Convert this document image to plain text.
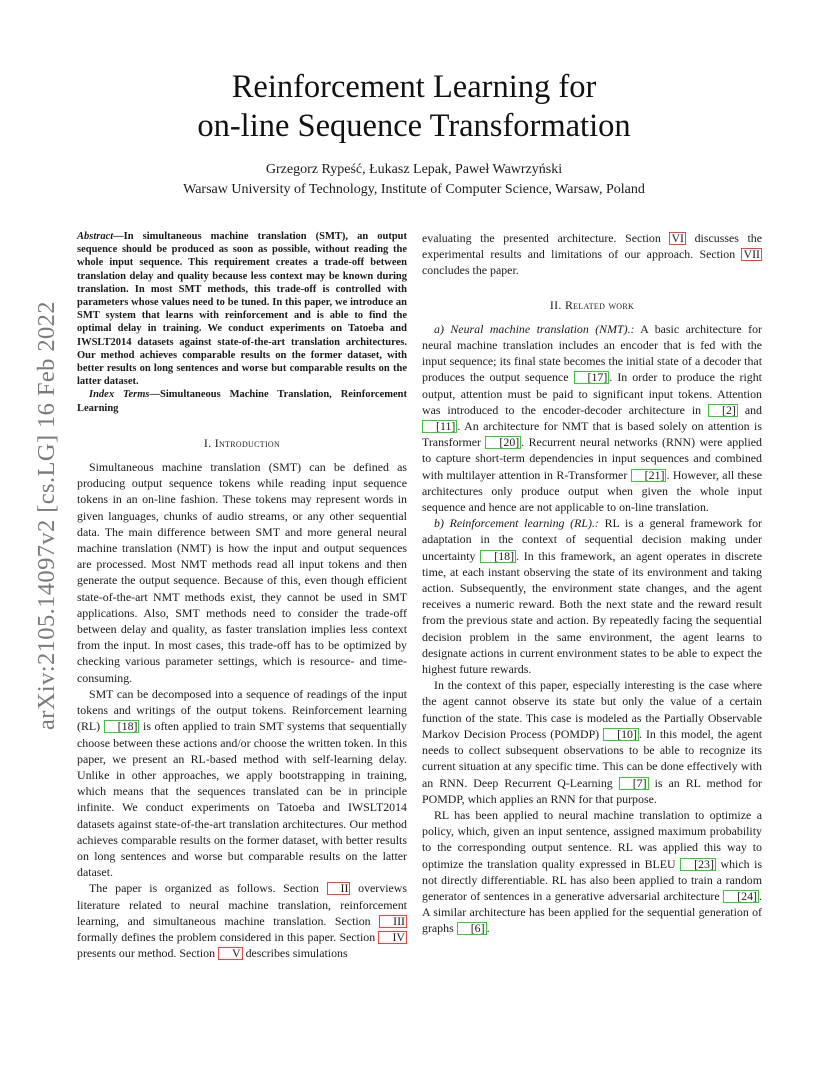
arXiv:2105.14097v2 [cs.LG] 16 Feb 2022
Reinforcement Learning for
on-line Sequence Transformation
Grzegorz Rypeść, Łukasz Lepak, Paweł Wawrzyński
Warsaw University of Technology, Institute of Computer Science, Warsaw, Poland
Abstract—In simultaneous machine translation (SMT), an output sequence should be produced as soon as possible, without reading the whole input sequence. This requirement creates a trade-off between translation delay and quality because less context may be known during translation. In most SMT methods, this trade-off is controlled with parameters whose values need to be tuned. In this paper, we introduce an SMT system that learns with reinforcement and is able to find the optimal delay in training. We conduct experiments on Tatoeba and IWSLT2014 datasets against state-of-the-art translation architectures. Our method achieves comparable results on the former dataset, with better results on long sentences and worse but comparable results on the latter dataset.
Index Terms—Simultaneous Machine Translation, Reinforcement Learning
I. Introduction

Simultaneous machine translation (SMT) can be defined as producing output sequence tokens while reading input sequence tokens in an on-line fashion. These tokens may represent words in given languages, chunks of audio streams, or any other sequential data. The main difference between SMT and more general neural machine translation (NMT) is how the input and output sequences are processed. Most NMT methods read all input tokens and then generate the output sequence. Because of this, even though efficient state-of-the-art NMT methods exist, they cannot be used in SMT applications. Also, SMT methods need to consider the trade-off between delay and quality, as faster translation implies less context from the input. In most cases, this trade-off has to be optimized by checking various parameter settings, which is resource- and time-consuming.

SMT can be decomposed into a sequence of readings of the input tokens and writings of the output tokens. Reinforcement learning (RL) [18] is often applied to train SMT systems that sequentially choose between these actions and/or choose the written token. In this paper, we present an RL-based method with self-learning delay. Unlike in other approaches, we apply bootstrapping in training, which means that the sequences translated can be in principle infinite. We conduct experiments on Tatoeba and IWSLT2014 datasets against state-of-the-art translation architectures. Our method achieves comparable results on the former dataset, with better results on long sentences and worse but comparable results on the latter dataset.

The paper is organized as follows. Section II overviews literature related to neural machine translation, reinforcement learning, and simultaneous machine translation. Section III formally defines the problem considered in this paper. Section IV presents our method. Section V describes simulations

evaluating the presented architecture. Section VI discusses the experimental results and limitations of our approach. Section VII concludes the paper.

II. Related work

a) Neural machine translation (NMT).: A basic architecture for neural machine translation includes an encoder that is fed with the input sequence; its final state becomes the initial state of a decoder that produces the output sequence [17] . In order to produce the right output, attention must be paid to significant input tokens. Attention was introduced to the encoder-decoder architecture in [2] and [11] . An architecture for NMT that is based solely on attention is Transformer [20] . Recurrent neural networks (RNN) were applied to capture short-term dependencies in input sequences and combined with multilayer attention in R-Transformer [21] . However, all these architectures only produce output when given the whole input sequence and hence are not applicable to on-line translation.

b) Reinforcement learning (RL).: RL is a general framework for adaptation in the context of sequential decision making under uncertainty [18] . In this framework, an agent operates in discrete time, at each instant observing the state of its environment and taking action. Subsequently, the environment state changes, and the agent receives a numeric reward. Both the next state and the reward result from the previous state and action. By repeatedly facing the sequential decision problem in the same environment, the agent learns to designate actions in current environment states to be able to expect the highest future rewards.

In the context of this paper, especially interesting is the case where the agent cannot observe its state but only the value of a certain function of the state. This case is modeled as the Partially Observable Markov Decision Process (POMDP) [10] . In this model, the agent needs to collect subsequent observations to be able to recognize its current situation at any specific time. This can be done effectively with an RNN. Deep Recurrent Q-Learning [7] is an RL method for POMDP, which applies an RNN for that purpose.

RL has been applied to neural machine translation to optimize a policy, which, given an input sentence, assigned maximum probability to the corresponding output sentence. RL was applied this way to optimize the translation quality expressed in BLEU [23] which is not directly differentiable. RL has also been applied to train a random generator of sentences in a generative adversarial architecture [24] . A similar architecture has been applied for the sequential generation of graphs [6] .
